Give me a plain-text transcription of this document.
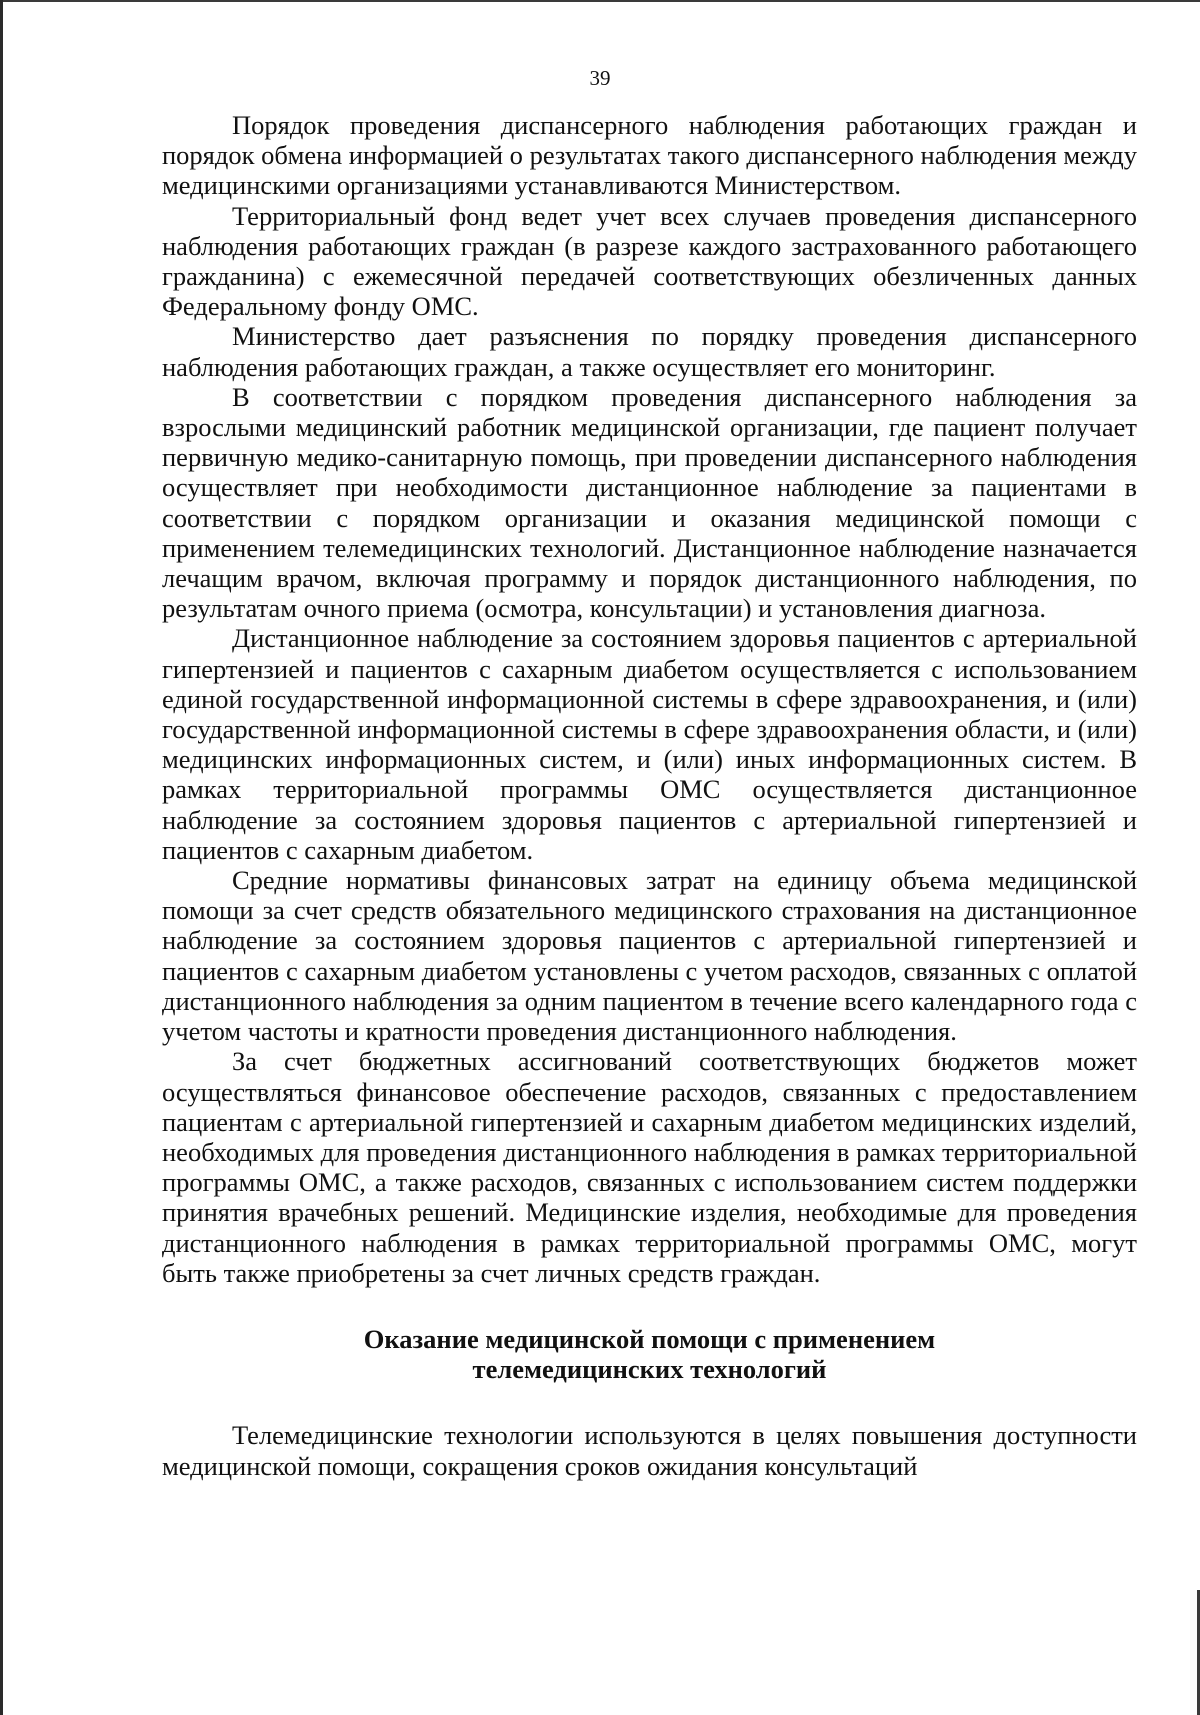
39

Порядок проведения диспансерного наблюдения работающих граждан и порядок обмена информацией о результатах такого диспансерного наблюдения между медицинскими организациями устанавливаются Министерством.

Территориальный фонд ведет учет всех случаев проведения диспансерного наблюдения работающих граждан (в разрезе каждого застрахованного работающего гражданина) с ежемесячной передачей соответствующих обезличенных данных Федеральному фонду ОМС.

Министерство дает разъяснения по порядку проведения диспансерного наблюдения работающих граждан, а также осуществляет его мониторинг.

В соответствии с порядком проведения диспансерного наблюдения за взрослыми медицинский работник медицинской организации, где пациент получает первичную медико-санитарную помощь, при проведении диспансерного наблюдения осуществляет при необходимости дистанционное наблюдение за пациентами в соответствии с порядком организации и оказания медицинской помощи с применением телемедицинских технологий. Дистанционное наблюдение назначается лечащим врачом, включая программу и порядок дистанционного наблюдения, по результатам очного приема (осмотра, консультации) и установления диагноза.

Дистанционное наблюдение за состоянием здоровья пациентов с артериальной гипертензией и пациентов с сахарным диабетом осуществляется с использованием единой государственной информационной системы в сфере здравоохранения, и (или) государственной информационной системы в сфере здравоохранения области, и (или) медицинских информационных систем, и (или) иных информационных систем. В рамках территориальной программы ОМС осуществляется дистанционное наблюдение за состоянием здоровья пациентов с артериальной гипертензией и пациентов с сахарным диабетом.

Средние нормативы финансовых затрат на единицу объема медицинской помощи за счет средств обязательного медицинского страхования на дистанционное наблюдение за состоянием здоровья пациентов с артериальной гипертензией и пациентов с сахарным диабетом установлены с учетом расходов, связанных с оплатой дистанционного наблюдения за одним пациентом в течение всего календарного года с учетом частоты и кратности проведения дистанционного наблюдения.

За счет бюджетных ассигнований соответствующих бюджетов может осуществляться финансовое обеспечение расходов, связанных с предоставлением пациентам с артериальной гипертензией и сахарным диабетом медицинских изделий, необходимых для проведения дистанционного наблюдения в рамках территориальной программы ОМС, а также расходов, связанных с использованием систем поддержки принятия врачебных решений. Медицинские изделия, необходимые для проведения дистанционного наблюдения в рамках территориальной программы ОМС, могут быть также приобретены за счет личных средств граждан.

Оказание медицинской помощи с применением
телемедицинских технологий

Телемедицинские технологии используются в целях повышения доступности медицинской помощи, сокращения сроков ожидания консультаций
